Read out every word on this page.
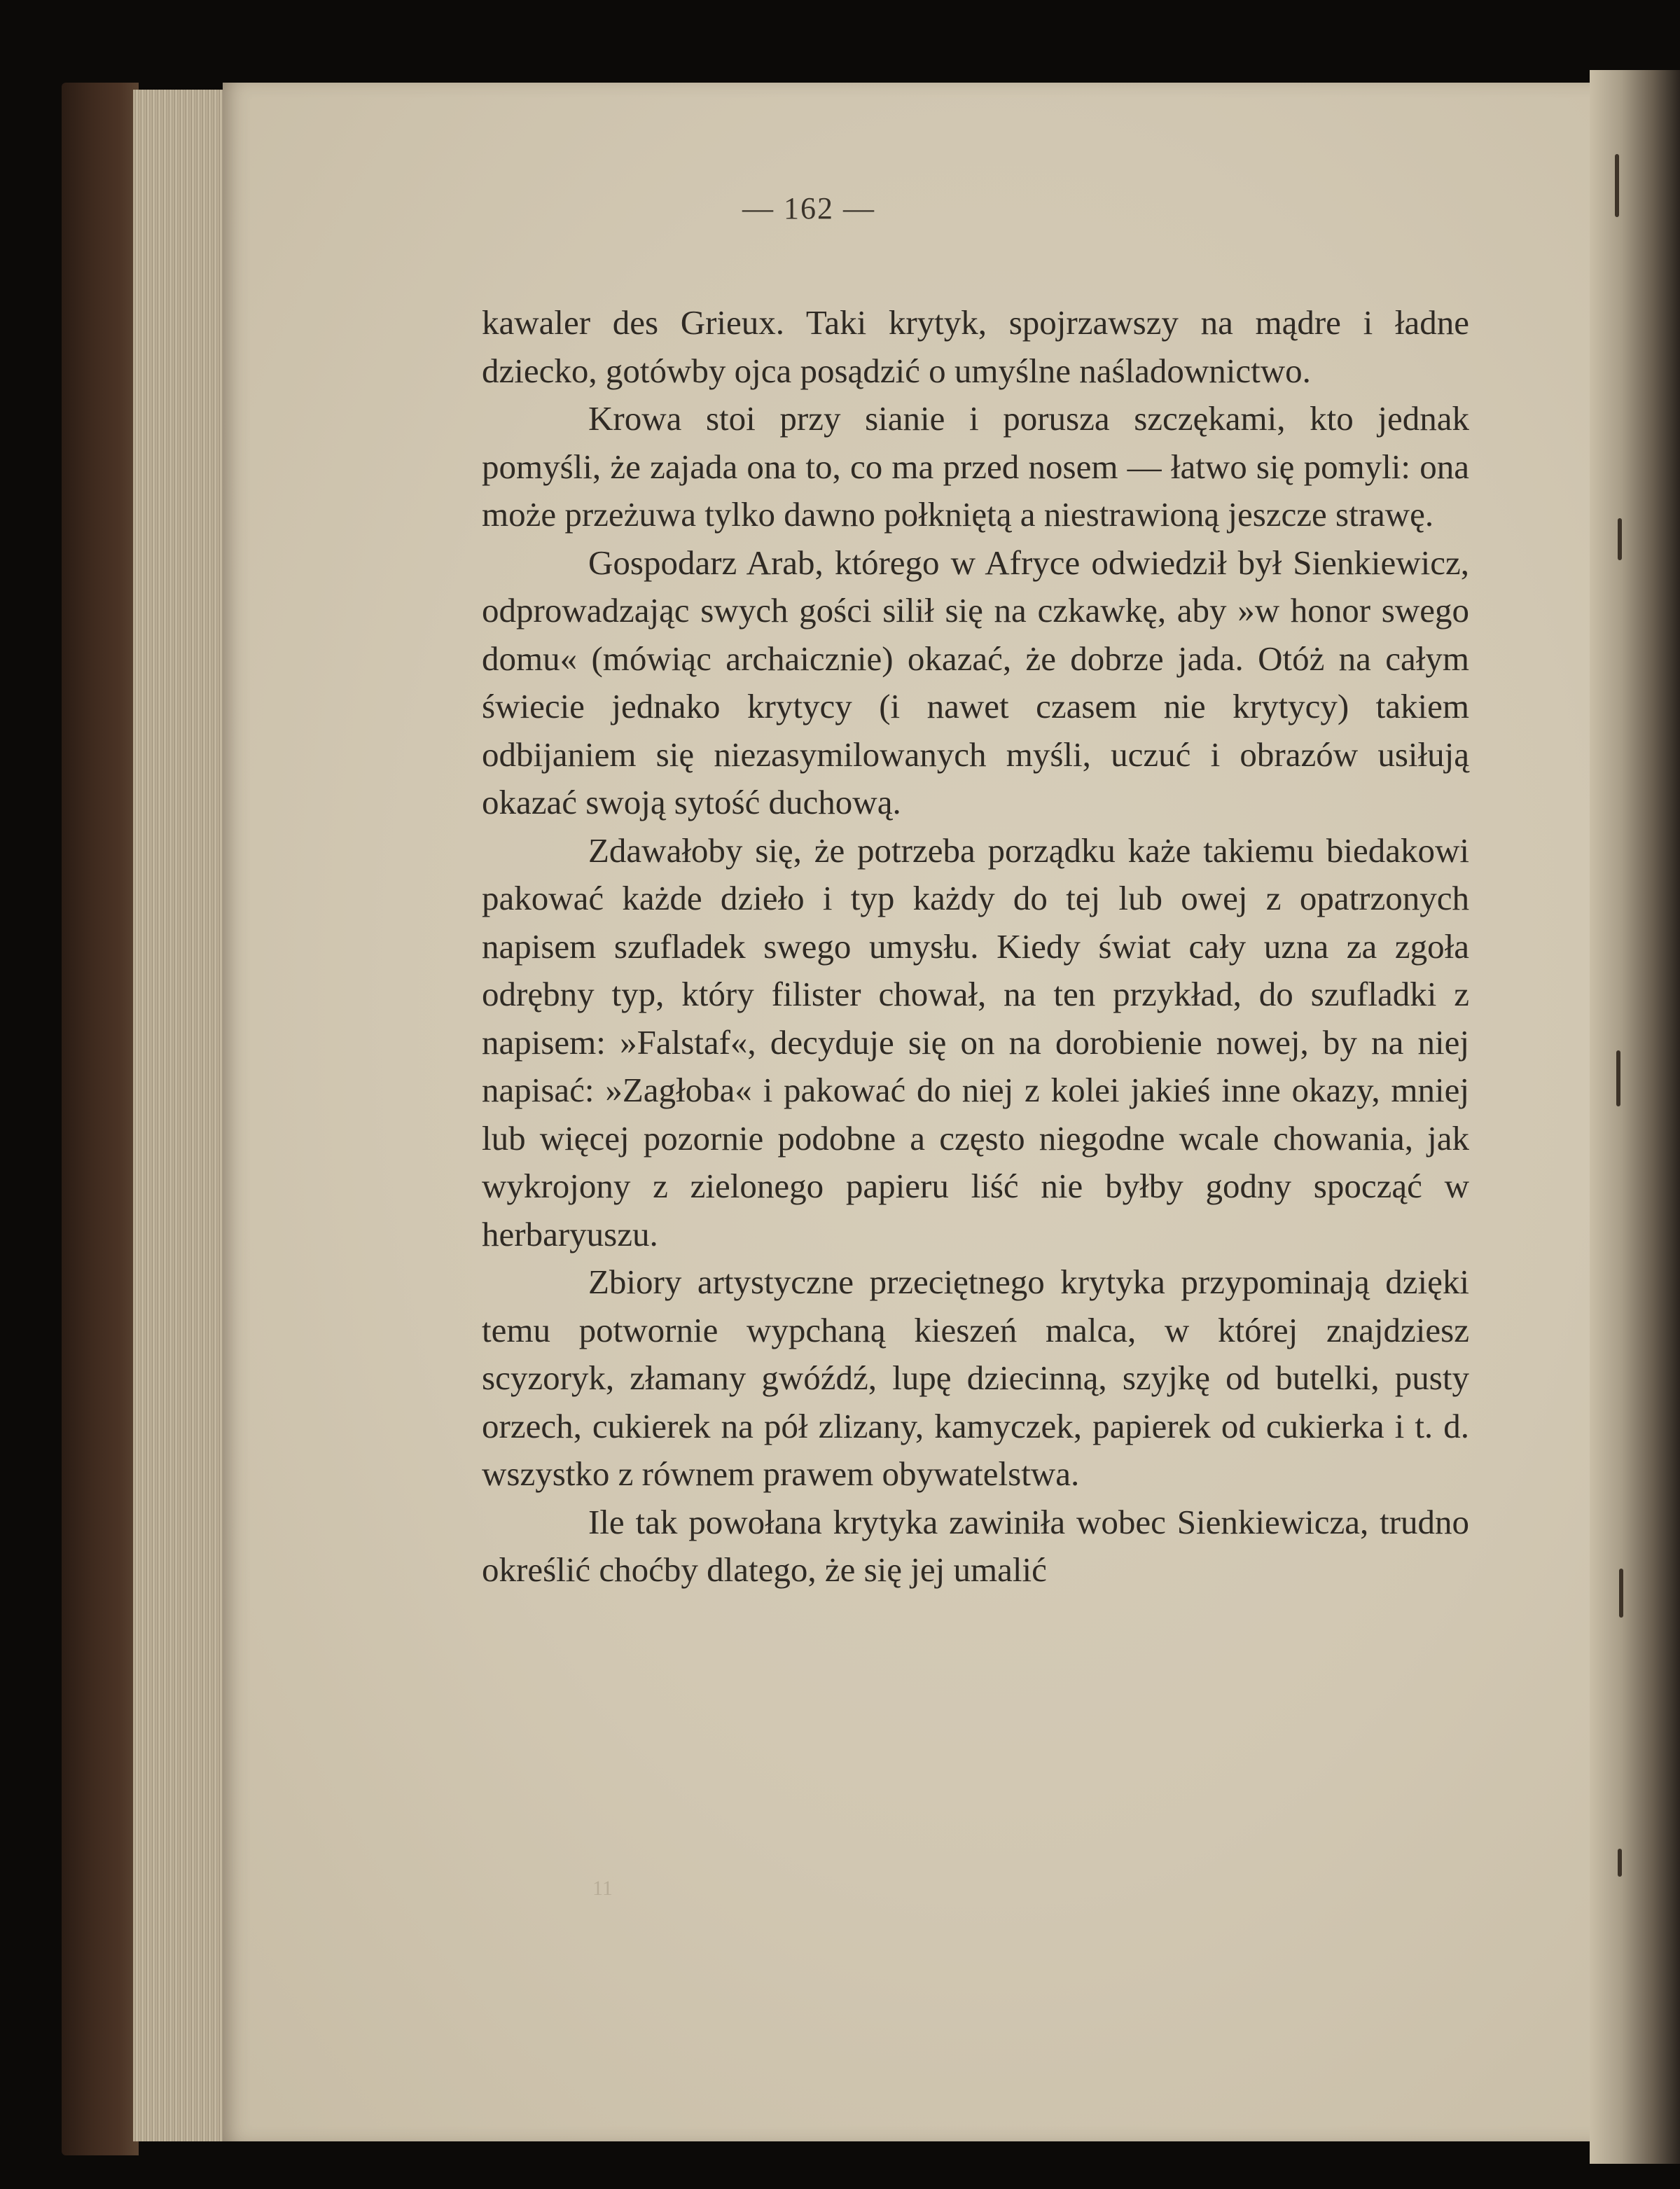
— 162 —

kawaler des Grieux. Taki krytyk, spojrzawszy na mądre i ładne dziecko, gotówby ojca posądzić o umyślne naśladownictwo.

Krowa stoi przy sianie i porusza szczękami, kto jednak pomyśli, że zajada ona to, co ma przed nosem — łatwo się pomyli: ona może przeżuwa tylko dawno połkniętą a niestrawioną jeszcze strawę.

Gospodarz Arab, którego w Afryce odwiedził był Sienkiewicz, odprowadzając swych gości silił się na czkawkę, aby »w honor swego domu« (mówiąc archaicznie) okazać, że dobrze jada. Otóż na całym świecie jednako krytycy (i nawet czasem nie krytycy) takiem odbijaniem się niezasymilowanych myśli, uczuć i obrazów usiłują okazać swoją sytość duchową.

Zdawałoby się, że potrzeba porządku każe takiemu biedakowi pakować każde dzieło i typ każdy do tej lub owej z opatrzonych napisem szufladek swego umysłu. Kiedy świat cały uzna za zgoła odrębny typ, który filister chował, na ten przykład, do szufladki z napisem: »Falstaf«, decyduje się on na dorobienie nowej, by na niej napisać: »Zagłoba« i pakować do niej z kolei jakieś inne okazy, mniej lub więcej pozornie podobne a często niegodne wcale chowania, jak wykrojony z zielonego papieru liść nie byłby godny spocząć w herbaryuszu.

Zbiory artystyczne przeciętnego krytyka przypominają dzięki temu potwornie wypchaną kieszeń malca, w której znajdziesz scyzoryk, złamany gwóźdź, lupę dziecinną, szyjkę od butelki, pusty orzech, cukierek na pół zlizany, kamyczek, papierek od cukierka i t. d. wszystko z równem prawem obywatelstwa.

Ile tak powołana krytyka zawiniła wobec Sienkiewicza, trudno określić choćby dlatego, że się jej umalić

11
